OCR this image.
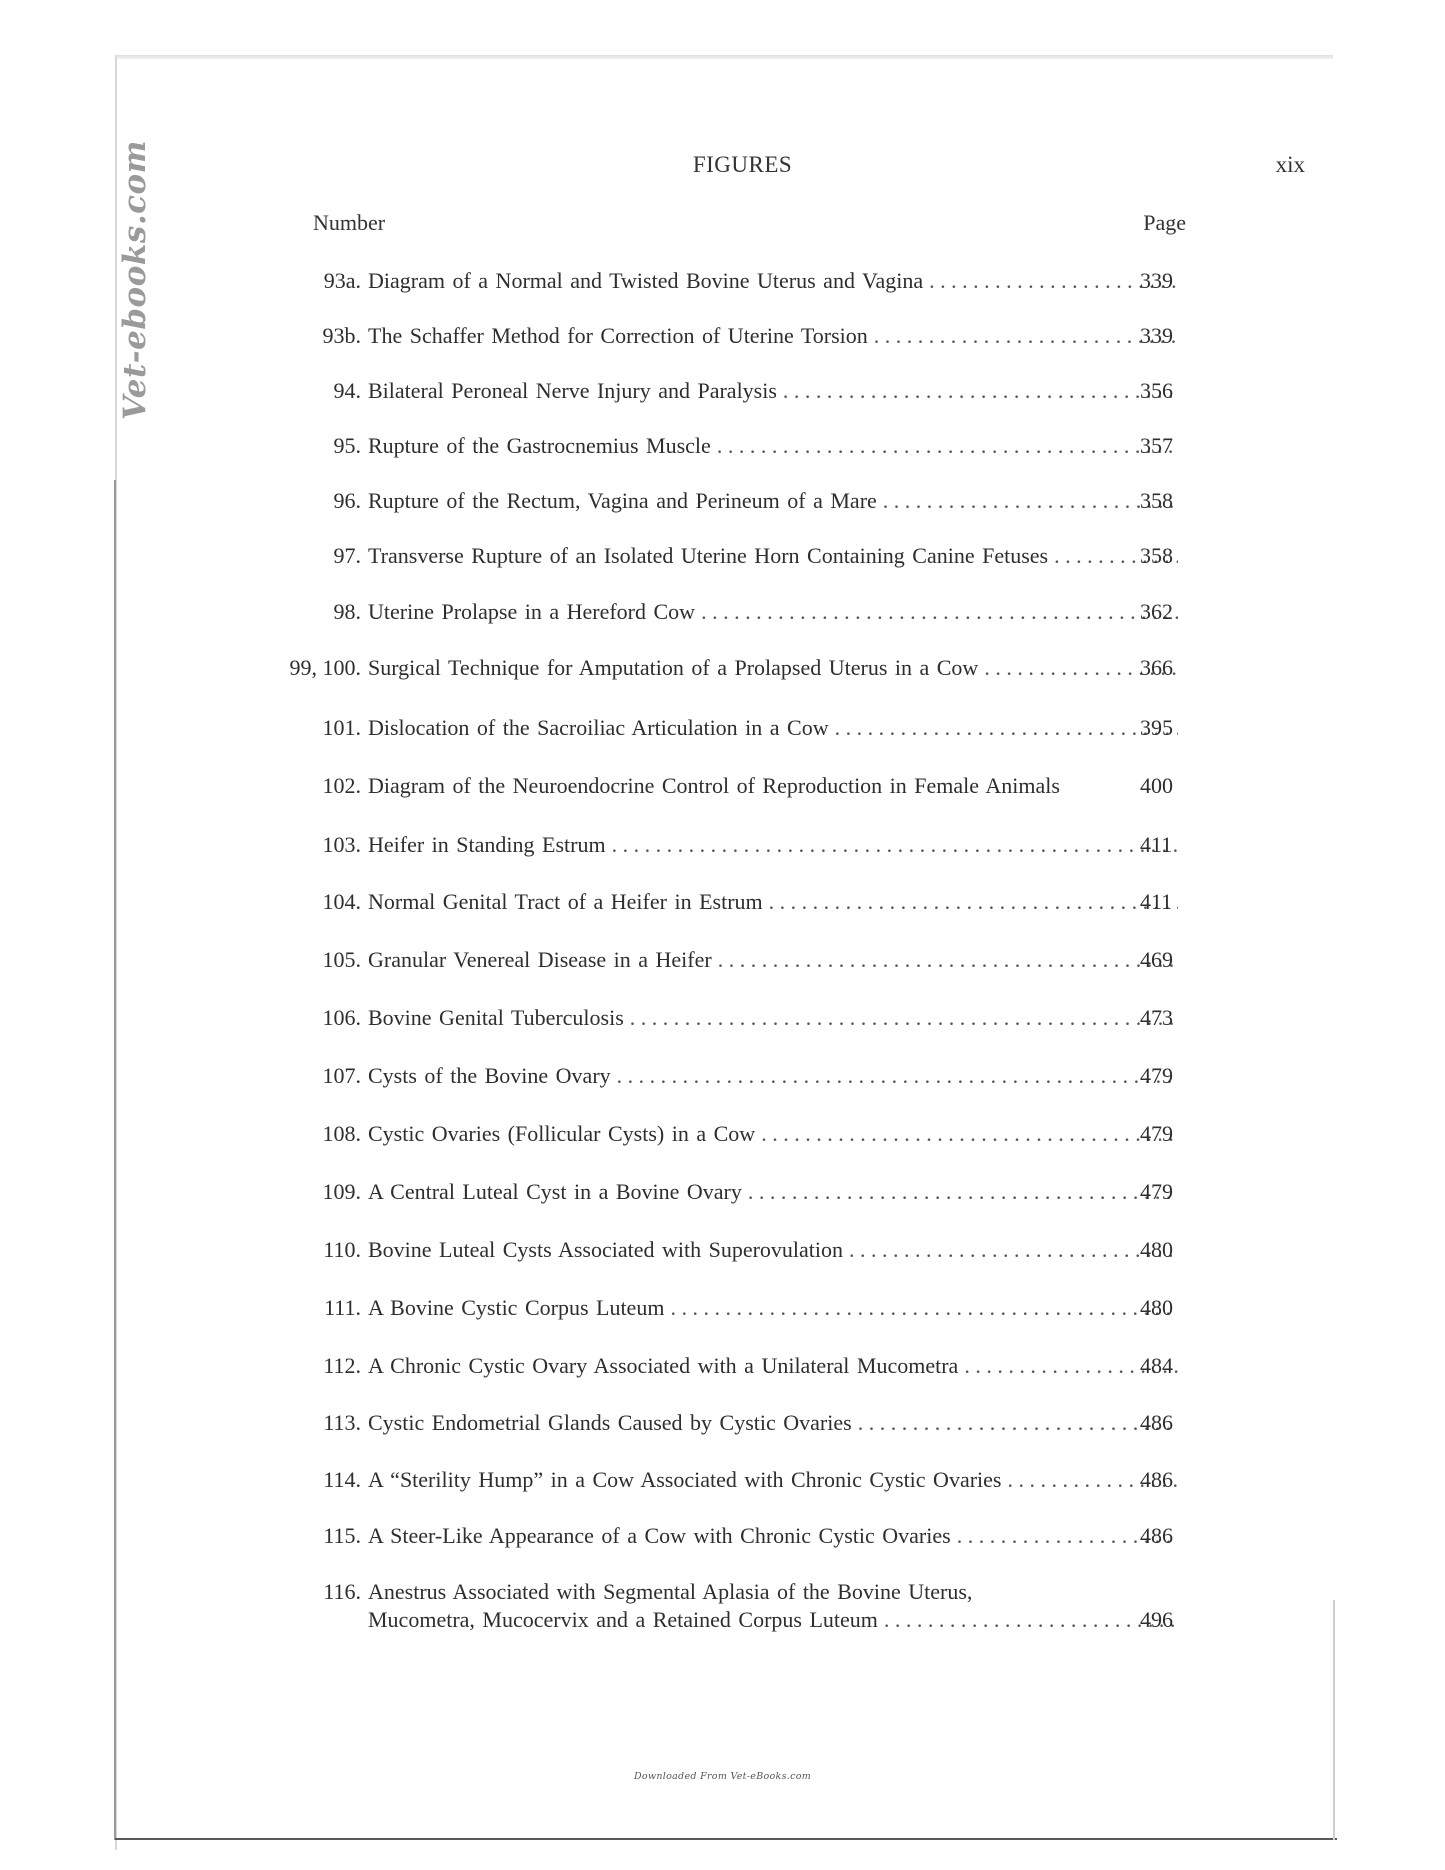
Vet-ebooks.com	FIGURES	xix
Number	Page
93a. Diagram of a Normal and Twisted Bovine Uterus and Vagina . . .	339
93b. The Schaffer Method for Correction of Uterine Torsion . . .	339
94. Bilateral Peroneal Nerve Injury and Paralysis . . .	356
95. Rupture of the Gastrocnemius Muscle . . .	357
96. Rupture of the Rectum, Vagina and Perineum of a Mare . . .	358
97. Transverse Rupture of an Isolated Uterine Horn Containing Canine Fetuses . . .	358
98. Uterine Prolapse in a Hereford Cow . . .	362
99, 100. Surgical Technique for Amputation of a Prolapsed Uterus in a Cow . . .	366
101. Dislocation of the Sacroiliac Articulation in a Cow . . .	395
102. Diagram of the Neuroendocrine Control of Reproduction in Female Animals	400
103. Heifer in Standing Estrum . . .	411
104. Normal Genital Tract of a Heifer in Estrum . . .	411
105. Granular Venereal Disease in a Heifer . . .	469
106. Bovine Genital Tuberculosis . . .	473
107. Cysts of the Bovine Ovary . . .	479
108. Cystic Ovaries (Follicular Cysts) in a Cow . . .	479
109. A Central Luteal Cyst in a Bovine Ovary . . .	479
110. Bovine Luteal Cysts Associated with Superovulation . . .	480
111. A Bovine Cystic Corpus Luteum . . .	480
112. A Chronic Cystic Ovary Associated with a Unilateral Mucometra . . .	484
113. Cystic Endometrial Glands Caused by Cystic Ovaries . . .	486
114. A “Sterility Hump” in a Cow Associated with Chronic Cystic Ovaries . . .	486
115. A Steer-Like Appearance of a Cow with Chronic Cystic Ovaries . . .	486
116. Anestrus Associated with Segmental Aplasia of the Bovine Uterus,
Mucometra, Mucocervix and a Retained Corpus Luteum . . .	496
Downloaded From Vet-eBooks.com
